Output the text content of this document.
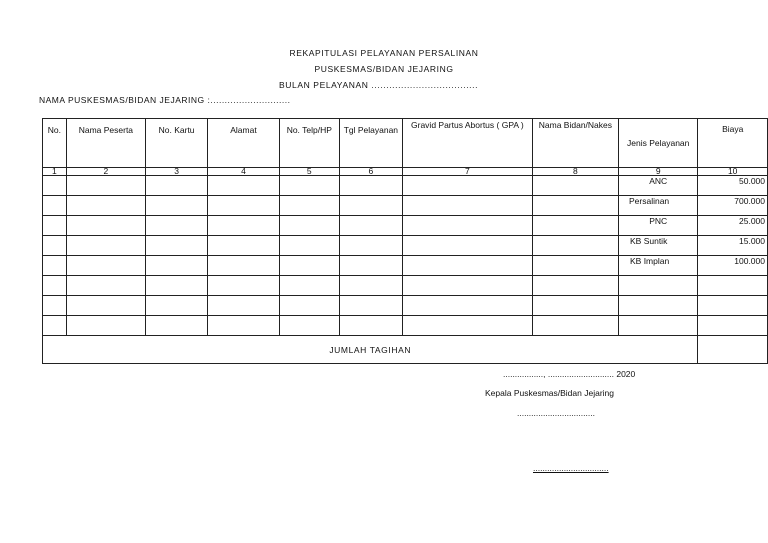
REKAPITULASI PELAYANAN PERSALINAN
PUSKESMAS/BIDAN JEJARING
BULAN PELAYANAN ....................................
NAMA PUSKESMAS/BIDAN JEJARING :............................
No.	Nama Peserta	No. Kartu	Alamat	No. Telp/HP	Tgl Pelayanan	Gravid Partus Abortus ( GPA )	Nama Bidan/Nakes	Jenis Pelayanan	Biaya
1	2	3	4	5	6	7	8	9	10
								ANC	50.000
								Persalinan	700.000
								PNC	25.000
								KB Suntik	15.000
								KB Implan	100.000

JUMLAH TAGIHAN									
................., ............................ 2020
Kepala Puskesmas/Bidan Jejaring
.................................
................................
